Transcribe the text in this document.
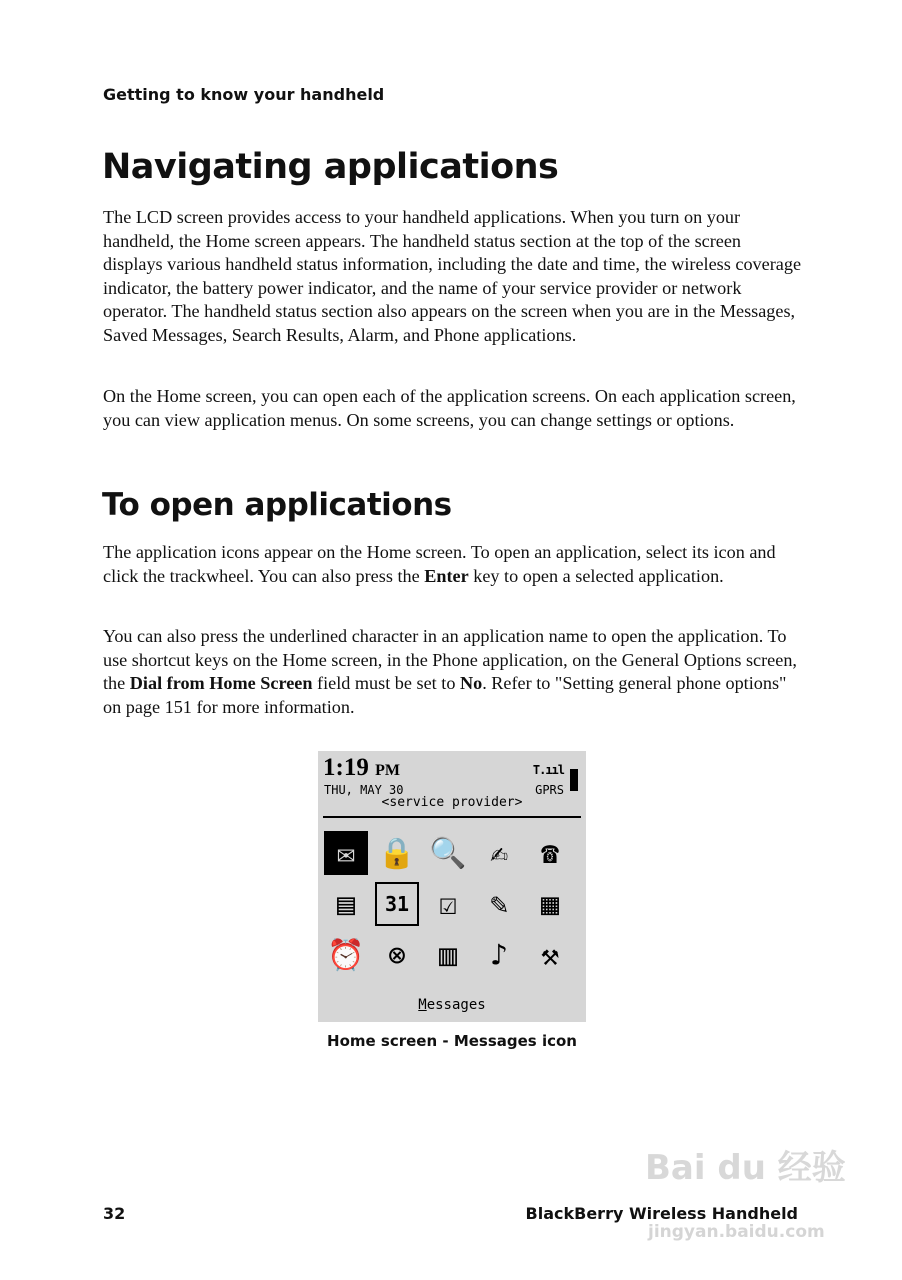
Getting to know your handheld
Navigating applications

The LCD screen provides access to your handheld applications. When you turn on your handheld, the Home screen appears. The handheld status section at the top of the screen displays various handheld status information, including the date and time, the wireless coverage indicator, the battery power indicator, and the name of your service provider or network operator. The handheld status section also appears on the screen when you are in the Messages, Saved Messages, Search Results, Alarm, and Phone applications.

On the Home screen, you can open each of the application screens. On each application screen, you can view application menus. On some screens, you can change settings or options.

To open applications

The application icons appear on the Home screen. To open an application, select its icon and click the trackwheel. You can also press the Enter key to open a selected application.

You can also press the underlined character in an application name to open the application. To use shortcut keys on the Home screen, in the Phone application, on the General Options screen, the Dial from Home Screen field must be set to No. Refer to "Setting general phone options" on page 151 for more information.

1:19 PM
THU, MAY 30
T.ııl
GPRS
<service provider>
✉ 🔒 🔍 ✍	☎
▤	31 ☑	✎	▦
⏰ ⊗	▥	♪	⚒
Messages
Home screen - Messages icon
Bai du 经验
jingyan.baidu.com
32	BlackBerry Wireless Handheld
